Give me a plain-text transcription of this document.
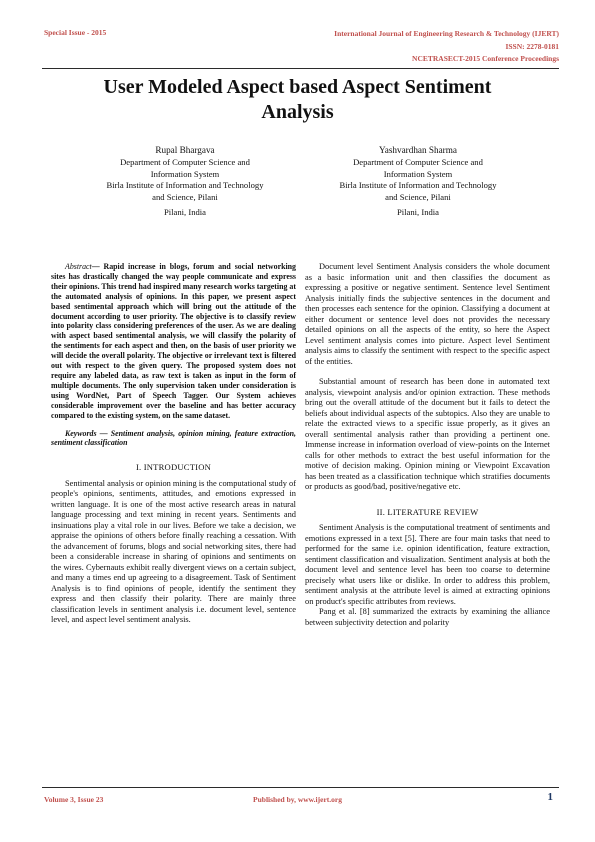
Special Issue - 2015	International Journal of Engineering Research & Technology (IJERT)
ISSN: 2278-0181
NCETRASECT-2015 Conference Proceedings
User Modeled Aspect based Aspect Sentiment
Analysis
Rupal Bhargava
Department of Computer Science and
Information System
Birla Institute of Information and Technology
and Science, Pilani
Pilani, India
Yashvardhan Sharma
Department of Computer Science and
Information System
Birla Institute of Information and Technology
and Science, Pilani
Pilani, India

Abstract— Rapid increase in blogs, forum and social networking sites has drastically changed the way people communicate and express their opinions. This trend had inspired many research works targeting at the automated analysis of opinions. In this paper, we present aspect based sentimental approach which will bring out the attitude of the document according to user priority. The objective is to classify review into polarity class considering preferences of the user. As we are dealing with aspect based sentimental analysis, we will classify the polarity of the sentiments for each aspect and then, on the basis of user priority we will decide the overall polarity. The objective or irrelevant text is filtered out with respect to the given query. The proposed system does not require any labeled data, as raw text is taken as input in the form of multiple documents. The only supervision taken under consideration is using WordNet, Part of Speech Tagger. Our System achieves considerable improvement over the baseline and has better accuracy compared to the existing system, on the same dataset.

Keywords — Sentiment analysis, opinion mining, feature extraction, sentiment classification

I. INTRODUCTION

Sentimental analysis or opinion mining is the computational study of people's opinions, sentiments, attitudes, and emotions expressed in written language. It is one of the most active research areas in natural language processing and text mining in recent years. Sentiments and insinuations play a vital role in our lives. Before we take a decision, we appraise the opinions of others before finally reaching a cessation. With the advancement of forums, blogs and social networking sites, there had been a considerable increase in sharing of opinions and sentiments on the wires. Cybernauts exhibit really divergent views on a certain subject, and many a times end up agreeing to a disagreement. Task of Sentiment Analysis is to find opinions of people, identify the sentiment they express and then classify their polarity. There are mainly three classification levels in sentiment analysis i.e. document level, sentence level, and aspect level sentiment analysis.

Document level Sentiment Analysis considers the whole document as a basic information unit and then classifies the document as expressing a positive or negative sentiment. Sentence level Sentiment Analysis initially finds the subjective sentences in the document and then processes each sentence for the opinion. Classifying a document at either document or sentence level does not provides the necessary detailed opinions on all the aspects of the entity, so here the Aspect Level sentiment analysis comes into picture. Aspect level Sentiment analysis aims to classify the sentiment with respect to the specific aspect of the entities.

Substantial amount of research has been done in automated text analysis, viewpoint analysis and/or opinion extraction. These methods bring out the overall attitude of the document but it fails to detect the beliefs about individual aspects of the subtopics. Also they are unable to relate the extracted views to a specific issue properly, as it gives an overall sentimental analysis rather than providing a pertinent one. Immense increase in information overload of view-points on the Internet calls for other methods to extract the best useful information for the motive of decision making. Opinion mining or Viewpoint Excavation has been treated as a classification technique which stratifies documents or products as good/bad, positive/negative etc.

II. LITERATURE REVIEW

Sentiment Analysis is the computational treatment of sentiments and emotions expressed in a text [5]. There are four main tasks that need to performed for the same i.e. opinion identification, feature extraction, sentiment classification and visualization. Sentiment analysis at both the document level and sentence level has been too coarse to determine precisely what users like or dislike. In order to address this problem, sentiment analysis at the attribute level is aimed at extracting opinions on product's specific attributes from reviews.

Pang et al. [8] summarized the extracts by examining the alliance between subjectivity detection and polarity

Volume 3, Issue 23	Published by, www.ijert.org	1
